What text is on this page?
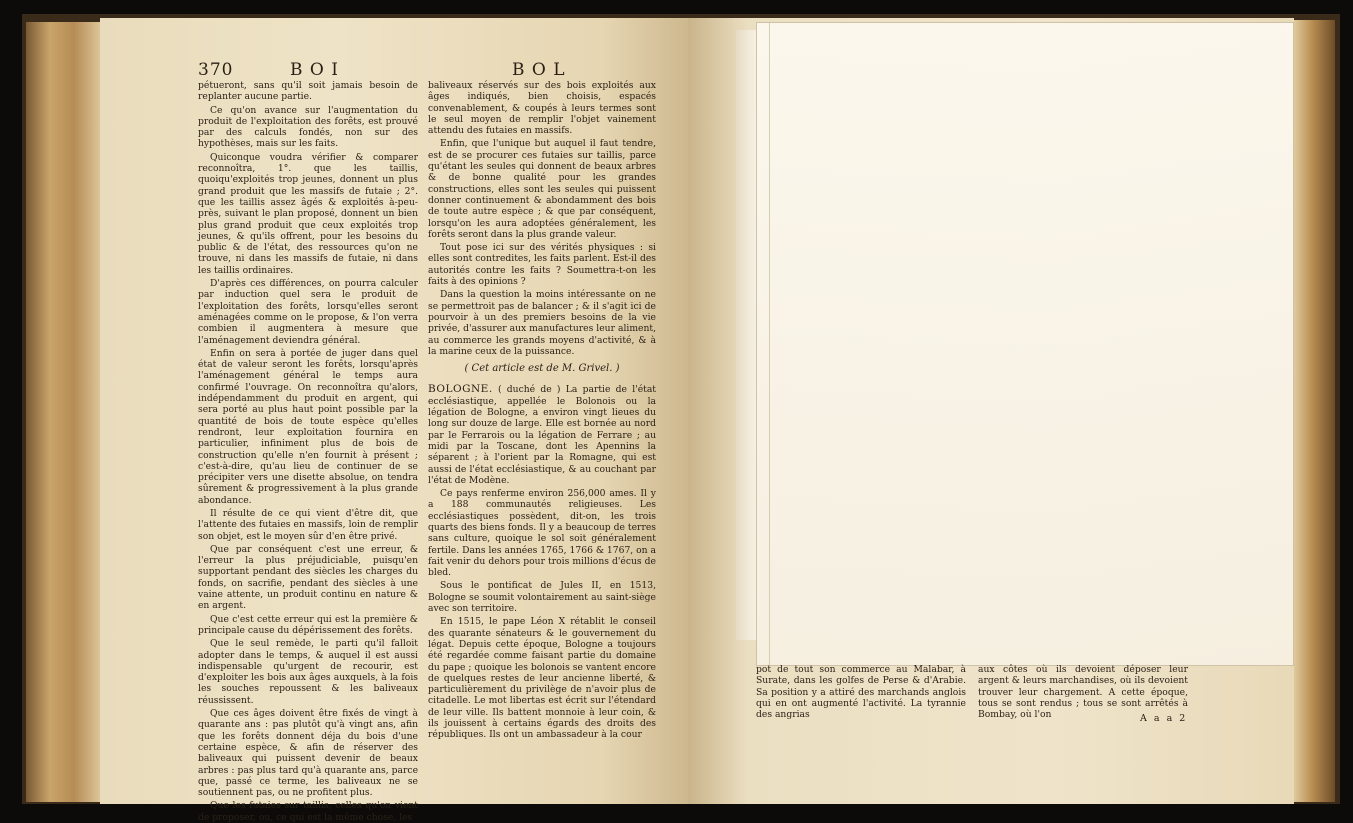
370	B O I	B O L

pétueront, sans qu'il soit jamais besoin de replanter aucune partie.

Ce qu'on avance sur l'augmentation du produit de l'exploitation des forêts, est prouvé par des calculs fondés, non sur des hypothèses, mais sur les faits.

Quiconque voudra vérifier & comparer reconnoîtra, 1°. que les taillis, quoiqu'exploités trop jeunes, donnent un plus grand produit que les massifs de futaie ; 2°. que les taillis assez âgés & exploités à-peu-près, suivant le plan proposé, donnent un bien plus grand produit que ceux exploités trop jeunes, & qu'ils offrent, pour les besoins du public & de l'état, des ressources qu'on ne trouve, ni dans les massifs de futaie, ni dans les taillis ordinaires.

D'après ces différences, on pourra calculer par induction quel sera le produit de l'exploitation des forêts, lorsqu'elles seront aménagées comme on le propose, & l'on verra combien il augmentera à mesure que l'aménagement deviendra général.

Enfin on sera à portée de juger dans quel état de valeur seront les forêts, lorsqu'après l'aménagement général le temps aura confirmé l'ouvrage. On reconnoîtra qu'alors, indépendamment du produit en argent, qui sera porté au plus haut point possible par la quantité de bois de toute espèce qu'elles rendront, leur exploitation fournira en particulier, infiniment plus de bois de construction qu'elle n'en fournit à présent ; c'est-à-dire, qu'au lieu de continuer de se précipiter vers une disette absolue, on tendra sûrement & progressivement à la plus grande abondance.

Il résulte de ce qui vient d'être dit, que l'attente des futaies en massifs, loin de remplir son objet, est le moyen sûr d'en être privé.

Que par conséquent c'est une erreur, & l'erreur la plus préjudiciable, puisqu'en supportant pendant des siècles les charges du fonds, on sacrifie, pendant des siècles à une vaine attente, un produit continu en nature & en argent.

Que c'est cette erreur qui est la première & principale cause du dépérissement des forêts.

Que le seul remède, le parti qu'il falloit adopter dans le temps, & auquel il est aussi indispensable qu'urgent de recourir, est d'exploiter les bois aux âges auxquels, à la fois les souches repoussent & les baliveaux réussissent.

Que ces âges doivent être fixés de vingt à quarante ans : pas plutôt qu'à vingt ans, afin que les forêts donnent déja du bois d'une certaine espèce, & afin de réserver des baliveaux qui puissent devenir de beaux arbres : pas plus tard qu'à quarante ans, parce que, passé ce terme, les baliveaux ne se soutiennent pas, ou ne profitent plus.

Que les futaies sur taillis, celles qu'on vient de proposer, ou, ce qui est la même chose, les

baliveaux réservés sur des bois exploités aux âges indiqués, bien choisis, espacés convenablement, & coupés à leurs termes sont le seul moyen de remplir l'objet vainement attendu des futaies en massifs.

Enfin, que l'unique but auquel il faut tendre, est de se procurer ces futaies sur taillis, parce qu'étant les seules qui donnent de beaux arbres & de bonne qualité pour les grandes constructions, elles sont les seules qui puissent donner continuement & abondamment des bois de toute autre espèce ; & que par conséquent, lorsqu'on les aura adoptées généralement, les forêts seront dans la plus grande valeur.

Tout pose ici sur des vérités physiques : si elles sont contredites, les faits parlent. Est-il des autorités contre les faits ? Soumettra-t-on les faits à des opinions ?

Dans la question la moins intéressante on ne se permettroit pas de balancer ; & il s'agit ici de pourvoir à un des premiers besoins de la vie privée, d'assurer aux manufactures leur aliment, au commerce les grands moyens d'activité, & à la marine ceux de la puissance.

( Cet article est de M. Grivel. )

BOLOGNE. ( duché de ) La partie de l'état ecclésiastique, appellée le Bolonois ou la légation de Bologne, a environ vingt lieues du long sur douze de large. Elle est bornée au nord par le Ferrarois ou la légation de Ferrare ; au midi par la Toscane, dont les Apennins la séparent ; à l'orient par la Romagne, qui est aussi de l'état ecclésiastique, & au couchant par l'état de Modène.

Ce pays renferme environ 256,000 ames. Il y a 188 communautés religieuses. Les ecclésiastiques possèdent, dit-on, les trois quarts des biens fonds. Il y a beaucoup de terres sans culture, quoique le sol soit généralement fertile. Dans les années 1765, 1766 & 1767, on a fait venir du dehors pour trois millions d'écus de bled.

Sous le pontificat de Jules II, en 1513, Bologne se soumit volontairement au saint-siège avec son territoire.

En 1515, le pape Léon X rétablit le conseil des quarante sénateurs & le gouvernement du légat. Depuis cette époque, Bologne a toujours été regardée comme faisant partie du domaine du pape ; quoique les bolonois se vantent encore de quelques restes de leur ancienne liberté, & particulièrement du privilège de n'avoir plus de citadelle. Le mot libertas est écrit sur l'étendard de leur ville. Ils battent monnoie à leur coin, & ils jouissent à certains égards des droits des républiques. Ils ont un ambassadeur à la cour

pot de tout son commerce au Malabar, à Surate, dans les golfes de Perse & d'Arabie. Sa position y a attiré des marchands anglois qui en ont augmenté l'activité. La tyrannie des angrias

aux côtes où ils devoient déposer leur argent & leurs marchandises, où ils devoient trouver leur chargement. A cette époque, tous se sont rendus ; tous se sont arrêtés à Bombay, où l'on	A a a 2
